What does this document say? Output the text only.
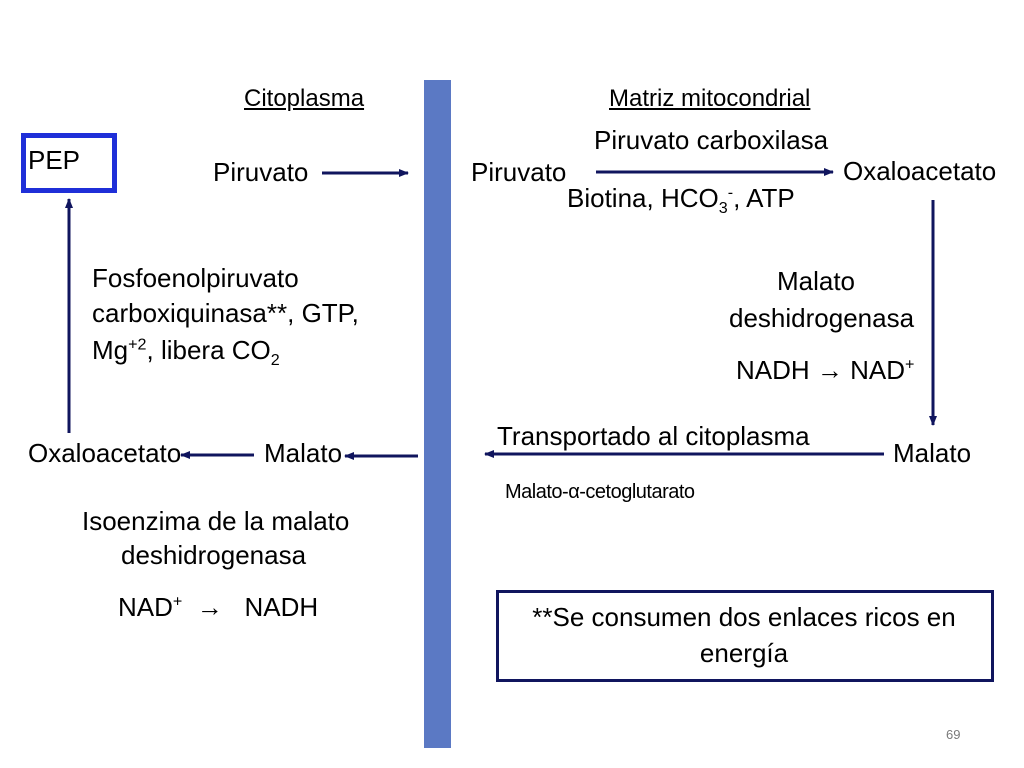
Citoplasma	Matriz mitocondrial
PEP	Piruvato	Piruvato
Piruvato carboxilasa
Biotina, $HCO_3^-$, ATP
Oxaloacetato
Fosfoenolpiruvato
carboxiquinasa**, GTP,
$Mg^{+2}$, libera $CO_2$
Malato
deshidrogenasa
NADH → NAD+
Oxaloacetato	Malato	Malato
Transportado al citoplasma
Malato-α-cetoglutarato
Isoenzima de la malato
deshidrogenasa
NAD+  →   NADH	**Se consumen dos enlaces ricos en
energía
69
